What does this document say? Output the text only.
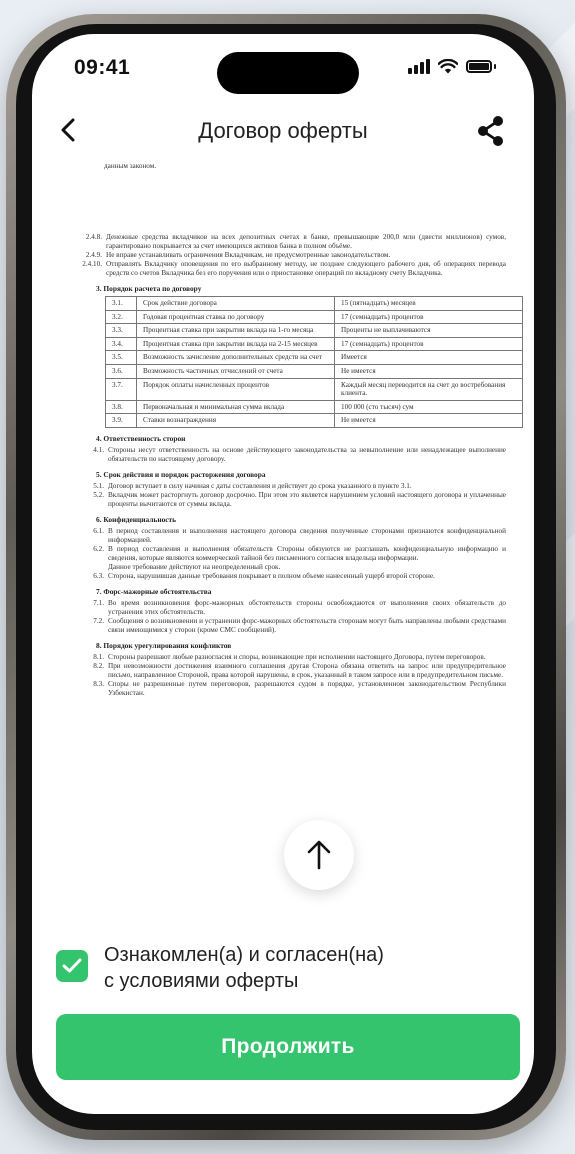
09:41
Договор оферты
данным законом.
2.4.8. Денежные средства вкладчиков на всех депозитных счетах в банке, превышающие 200,0 млн (двести миллионов) сумов, гарантировано покрывается за счет имеющихся активов банка в полном объёме.
2.4.9. Не вправе устанавливать ограничения Вкладчикам, не предусмотренные законодательством.
2.4.10. Отправлять Вкладчику оповещения по его выбранному методу, не позднее следующего рабочего дня, об операциях перевода средств со счетов Вкладчика без его поручения или о приостановке операций по вкладному счету Вкладчика.
3. Порядок расчета по договору
3.1.	Срок действие договора	15 (пятнадцать) месяцев
3.2.	Годовая процентная ставка по договору	17 (семнадцать) процентов
3.3.	Процентная ставка при закрытии вклада на 1-го месяца	Проценты не выплачиваются
3.4.	Процентная ставка при закрытии вклада на 2-15 месяцев	17 (семнадцать) процентов
3.5.	Возможность зачисление дополнительных средств на счет	Имеется
3.6.	Возможность частичных отчислений от счета	Не имеется
3.7.	Порядок оплаты начисленных процентов	Каждый месяц переводится на счет до востребования клиента.
3.8.	Первоначальная и минимальная сумма вклада	100 000 (сто тысяч) сум
3.9.	Ставки вознаграждения	Не имеется
4. Ответственность сторон
4.1. Стороны несут ответственность на основе действующего законодательства за невыполнение или ненадлежащее выполнение обязательств по настоящему договору.
5. Срок действия и порядок расторжения договора
5.1. Договор вступает в силу начиная с даты составления и действует до срока указанного в пункте 3.1.
5.2. Вкладчик может расторгнуть договор досрочно. При этом это является нарушением условий настоящего договора и уплаченные проценты вычитаются от суммы вклада.
6. Конфиденциальность
6.1. В период составления и выполнения настоящего договора сведения полученные сторонами признаются конфиденциальной информацией.
6.2. В период составления и выполнения обязательств Стороны обязуются не разглашать конфиденциальную информацию и сведения, которые являются коммерческой тайной без письменного согласия владельца информации.
Данное требование действуют на неопределенный срок.
6.3. Сторона, нарушившая данные требования покрывает в полном объеме нанесенный ущерб второй стороне.
7. Форс-мажорные обстоятельства
7.1. Во время возникновения форс-мажорных обстоятельств стороны освобождаются от выполнения своих обязательств до устранения этих обстоятельств.
7.2. Сообщения о возникновении и устранении форс-мажорных обстоятельств сторонам могут быть направлены любыми средствами связи имеющимися у сторон (кроме СМС сообщений).
8. Порядок урегулирования конфликтов
8.1. Стороны разрешают любые разногласия и споры, возникающие при исполнении настоящего Договора, путем переговоров.
8.2. При невозможности достижения взаимного соглашения другая Сторона обязана ответить на запрос или предупредительное письмо, направленное Стороной, права которой нарушены, в срок, указанный в таком запросе или в предупредительном письме.
8.3. Споры не разрешенные путем переговоров, разрешаются судом в порядке, установленном законодательством Республики Узбекистан.
Ознакомлен(а) и согласен(на)
с условиями оферты
Продолжить
